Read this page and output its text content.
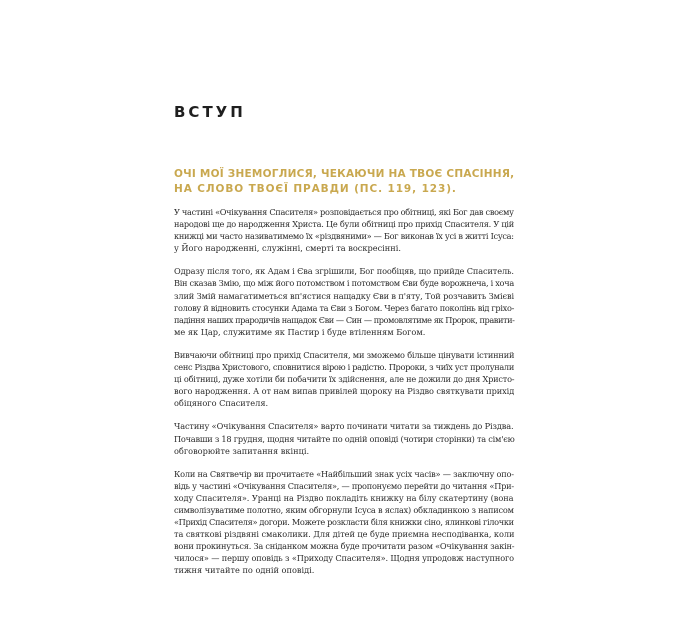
ВСТУП

ОЧІ МОЇ ЗНЕМОГЛИСЯ, ЧЕКАЮЧИ НА ТВОЄ СПАСІННЯ,
НА СЛОВО ТВОЄЇ ПРАВДИ (ПС. 119, 123).

У частині «Очікування Спасителя» розповідається про обітниці, які Бог дав своєму
народові ще до народження Христа. Це були обітниці про прихід Спасителя. У цій
книжці ми часто називатимемо їх «різдвяними» — Бог виконав їх усі в житті Ісуса:
у Його народженні, служінні, смерті та воскресінні.

Одразу після того, як Адам і Єва згрішили, Бог пообіцяв, що прийде Спаситель.
Він сказав Змію, що між його потомством і потомством Єви буде ворожнеча, і хоча
злий Змій намагатиметься вп'ястися нащадку Єви в п'яту, Той розчавить Змієві
голову й відновить стосунки Адама та Єви з Богом. Через багато поколінь від гріхо-
падіння наших прародичів нащадок Єви — Син — промовлятиме як Пророк, правити-
ме як Цар, служитиме як Пастир і буде втіленням Богом.

Вивчаючи обітниці про прихід Спасителя, ми зможемо більше цінувати істинний
сенс Різдва Христового, сповнитися вірою і радістю. Пророки, з чиїх уст пролунали
ці обітниці, дуже хотіли би побачити їх здійснення, але не дожили до дня Христо-
вого народження. А от нам випав привілей щороку на Різдво святкувати прихід
обіцяного Спасителя.

Частину «Очікування Спасителя» варто починати читати за тиждень до Різдва.
Почавши з 18 грудня, щодня читайте по одній оповіді (чотири сторінки) та сім'єю
обговорюйте запитання вкінці.

Коли на Святвечір ви прочитаєте «Найбільший знак усіх часів» — заключну опо-
відь у частині «Очікування Спасителя», — пропонуємо перейти до читання «При-
ходу Спасителя». Уранці на Різдво покладіть книжку на білу скатертину (вона
символізуватиме полотно, яким обгорнули Ісуса в яслах) обкладинкою з написом
«Прихід Спасителя» догори. Можете розкласти біля книжки сіно, ялинкові гілочки
та святкові різдвяні смаколики. Для дітей це буде приємна несподіванка, коли
вони прокинуться. За сніданком можна буде прочитати разом «Очікування закін-
чилося» — першу оповідь з «Приходу Спасителя». Щодня упродовж наступного
тижня читайте по одній оповіді.
